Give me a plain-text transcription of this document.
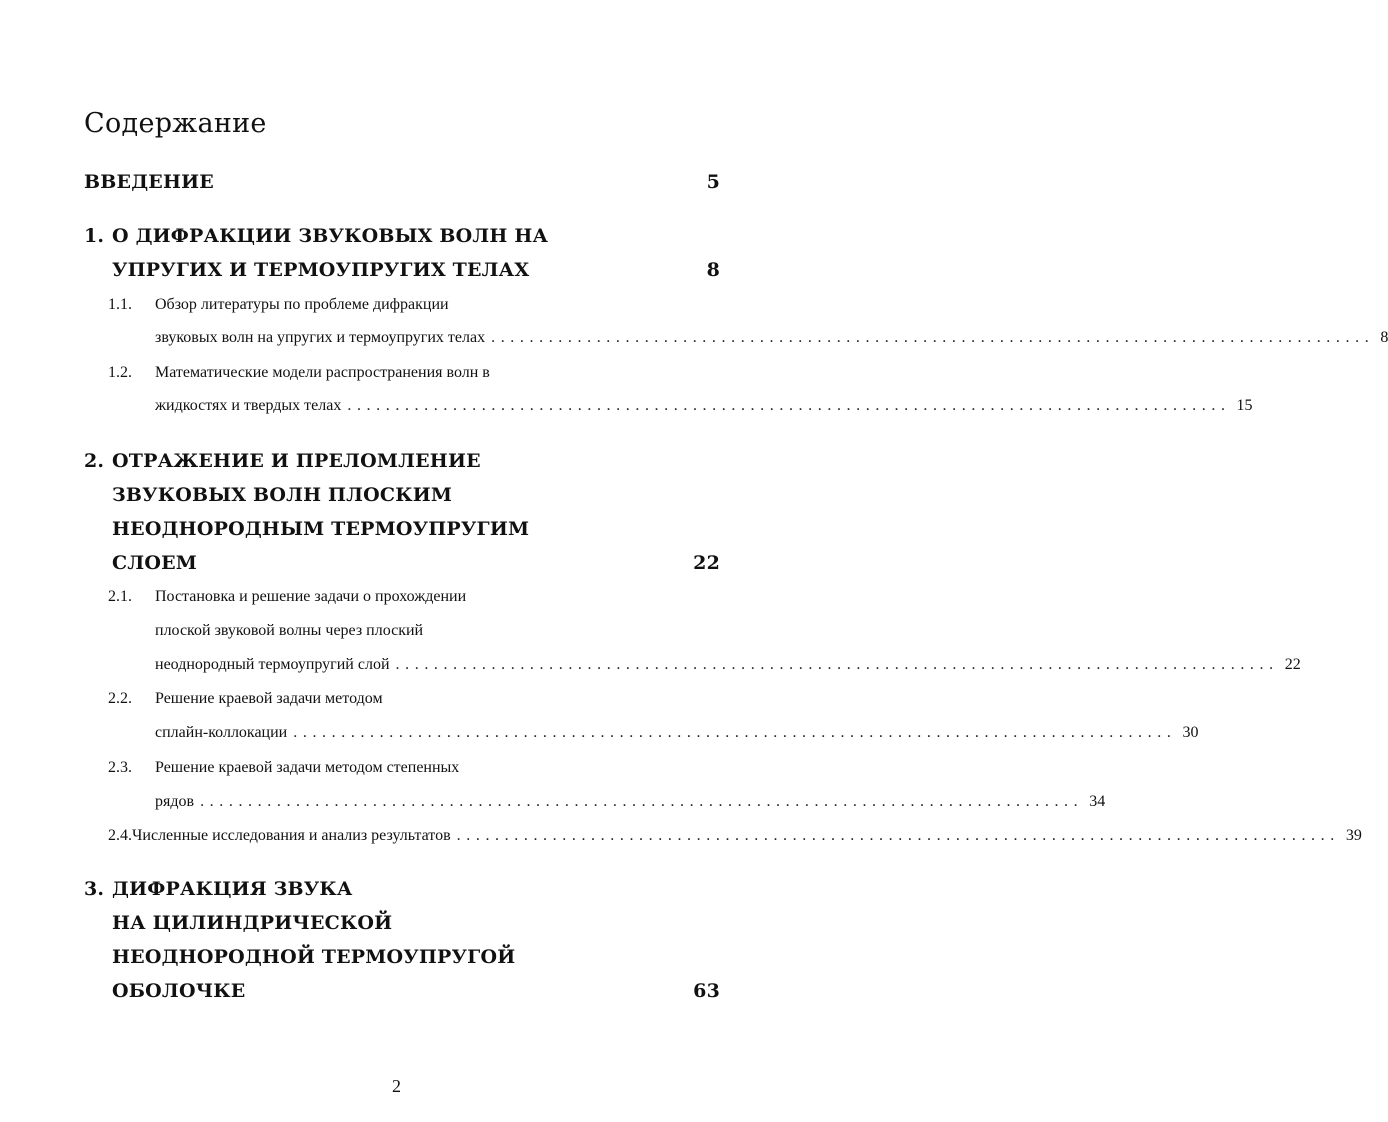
Содержание
ВВЕДЕНИЕ	5
1. О ДИФРАКЦИИ ЗВУКОВЫХ ВОЛН НА
УПРУГИХ И ТЕРМОУПРУГИХ ТЕЛАХ	8
1.1.	Обзор литературы по проблеме дифракции
звуковых волн на упругих и термоупругих телах ............................................................................................ 8
1.2.	Математические модели распространения волн в
жидкостях и твердых телах ............................................................................................ 15
2. ОТРАЖЕНИЕ И ПРЕЛОМЛЕНИЕ
ЗВУКОВЫХ ВОЛН ПЛОСКИМ
НЕОДНОРОДНЫМ ТЕРМОУПРУГИМ
СЛОЕМ	22
2.1.	Постановка и решение задачи о прохождении
плоской звуковой волны через плоский
неоднородный термоупругий слой ............................................................................................ 22
2.2.	Решение краевой задачи методом
сплайн-коллокации ............................................................................................ 30
2.3.	Решение краевой задачи методом степенных
рядов ............................................................................................ 34
2.4. Численные исследования и анализ результатов ............................................................................................ 39
3. ДИФРАКЦИЯ ЗВУКА
НА ЦИЛИНДРИЧЕСКОЙ
НЕОДНОРОДНОЙ ТЕРМОУПРУГОЙ
ОБОЛОЧКЕ	63
2
